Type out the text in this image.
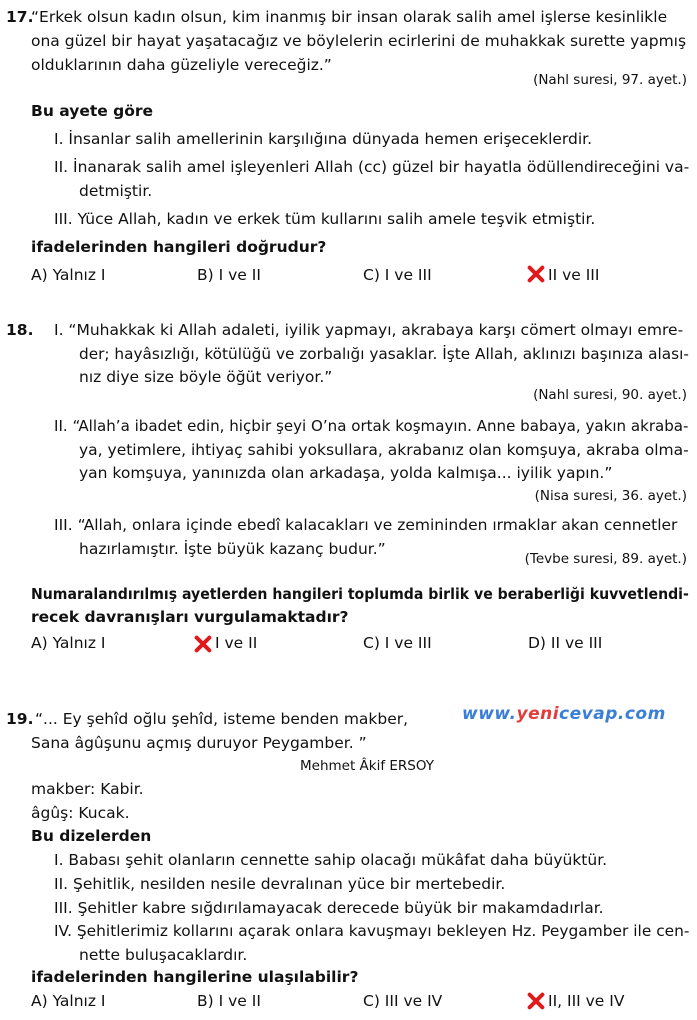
17.
“Erkek olsun kadın olsun, kim inanmış bir insan olarak salih amel işlerse kesinlikle
ona güzel bir hayat yaşatacağız ve böylelerin ecirlerini de muhakkak surette yapmış
olduklarının daha güzeliyle vereceğiz.”
(Nahl suresi, 97. ayet.)
Bu ayete göre
I. İnsanlar salih amellerinin karşılığına dünyada hemen erişeceklerdir.
II. İnanarak salih amel işleyenleri Allah (cc) güzel bir hayatla ödüllendireceğini va-
detmiştir.
III. Yüce Allah, kadın ve erkek tüm kullarını salih amele teşvik etmiştir.
ifadelerinden hangileri doğrudur?
A) Yalnız I	B) I ve II	C) I ve III	II ve III
18. I. “Muhakkak ki Allah adaleti, iyilik yapmayı, akrabaya karşı cömert olmayı emre-
der; hayâsızlığı, kötülüğü ve zorbalığı yasaklar. İşte Allah, aklınızı başınıza alası-
nız diye size böyle öğüt veriyor.”
(Nahl suresi, 90. ayet.)
II. “Allah’a ibadet edin, hiçbir şeyi O’na ortak koşmayın. Anne babaya, yakın akraba-
ya, yetimlere, ihtiyaç sahibi yoksullara, akrabanız olan komşuya, akraba olma-
yan komşuya, yanınızda olan arkadaşa, yolda kalmışa... iyilik yapın.”
(Nisa suresi, 36. ayet.)
III. “Allah, onlara içinde ebedî kalacakları ve zemininden ırmaklar akan cennetler
hazırlamıştır. İşte büyük kazanç budur.”
(Tevbe suresi, 89. ayet.)
Numaralandırılmış ayetlerden hangileri toplumda birlik ve beraberliği kuvvetlendi-
recek davranışları vurgulamaktadır?
A) Yalnız I	I ve II	C) I ve III	D) II ve III
19. “... Ey şehîd oğlu şehîd, isteme benden makber,
Sana âgûşunu açmış duruyor Peygamber. ”
Mehmet Âkif ERSOY
www.yenicevap.com
makber: Kabir.
âgûş: Kucak.
Bu dizelerden
I. Babası şehit olanların cennette sahip olacağı mükâfat daha büyüktür.
II. Şehitlik, nesilden nesile devralınan yüce bir mertebedir.
III. Şehitler kabre sığdırılamayacak derecede büyük bir makamdadırlar.
IV. Şehitlerimiz kollarını açarak onlara kavuşmayı bekleyen Hz. Peygamber ile cen-
nette buluşacaklardır.
ifadelerinden hangilerine ulaşılabilir?
A) Yalnız I	B) I ve II	C) III ve IV	II, III ve IV
